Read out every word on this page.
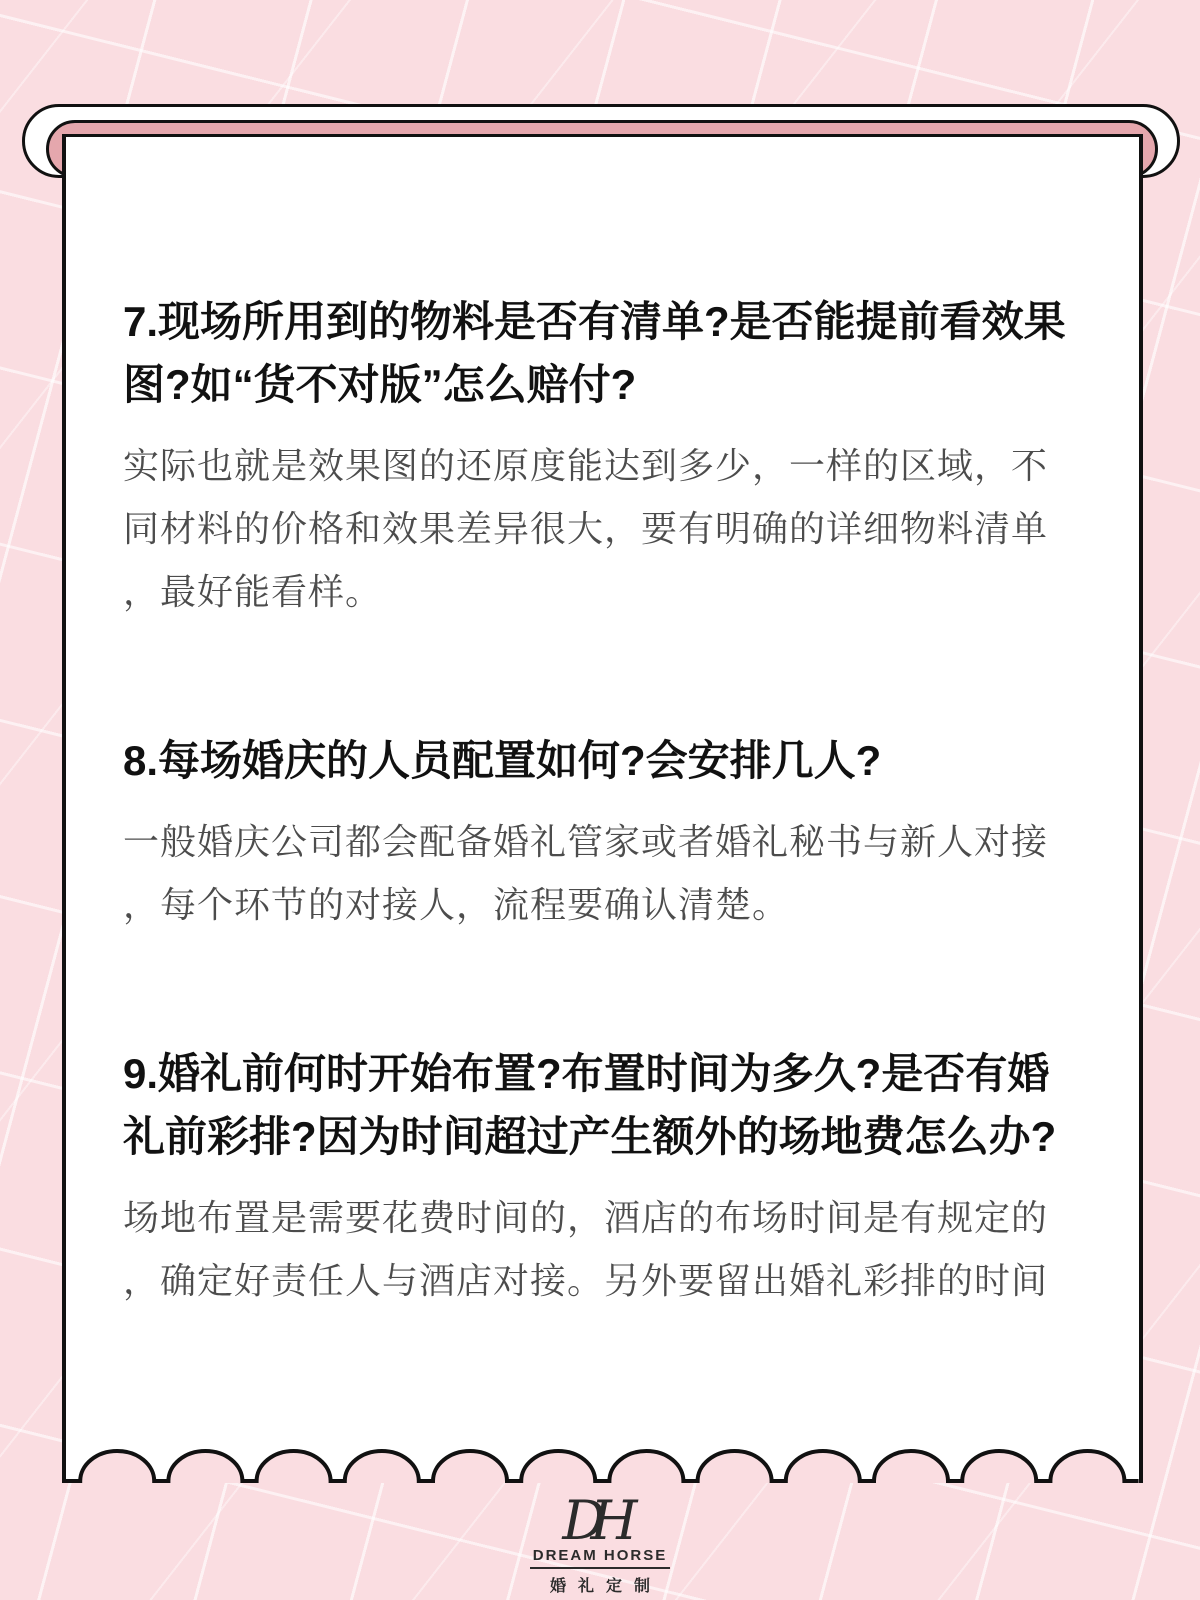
7.现场所用到的物料是否有清单?是否能提前看效果
图?如“货不对版”怎么赔付?
实际也就是效果图的还原度能达到多少，一样的区域，不
同材料的价格和效果差异很大，要有明确的详细物料清单
，最好能看样。
8.每场婚庆的人员配置如何?会安排几人?
一般婚庆公司都会配备婚礼管家或者婚礼秘书与新人对接
，每个环节的对接人，流程要确认清楚。
9.婚礼前何时开始布置?布置时间为多久?是否有婚
礼前彩排?因为时间超过产生额外的场地费怎么办?
场地布置是需要花费时间的，酒店的布场时间是有规定的
，确定好责任人与酒店对接。另外要留出婚礼彩排的时间
DH
DREAM HORSE
婚礼定制
